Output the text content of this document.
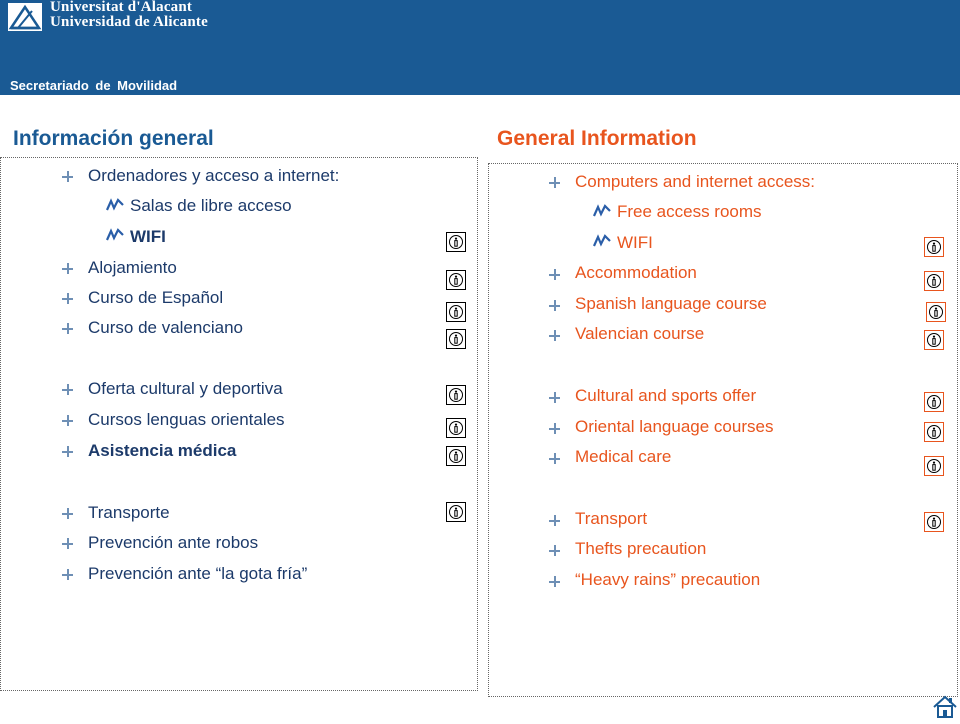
Universitat d'Alacant
Universidad de Alicante
Secretariado de Movilidad
Información general	General Information
Ordenadores y acceso a internet:
Salas de libre acceso
WIFI
Alojamiento
Curso de Español
Curso de valenciano
Oferta cultural y deportiva
Cursos lenguas orientales
Asistencia médica
Transporte
Prevención ante robos
Prevención ante “la gota fría”
Computers and internet access:
Free access rooms
WIFI
Accommodation
Spanish language course
Valencian course
Cultural and sports offer
Oriental language courses
Medical care
Transport
Thefts precaution
“Heavy rains” precaution
